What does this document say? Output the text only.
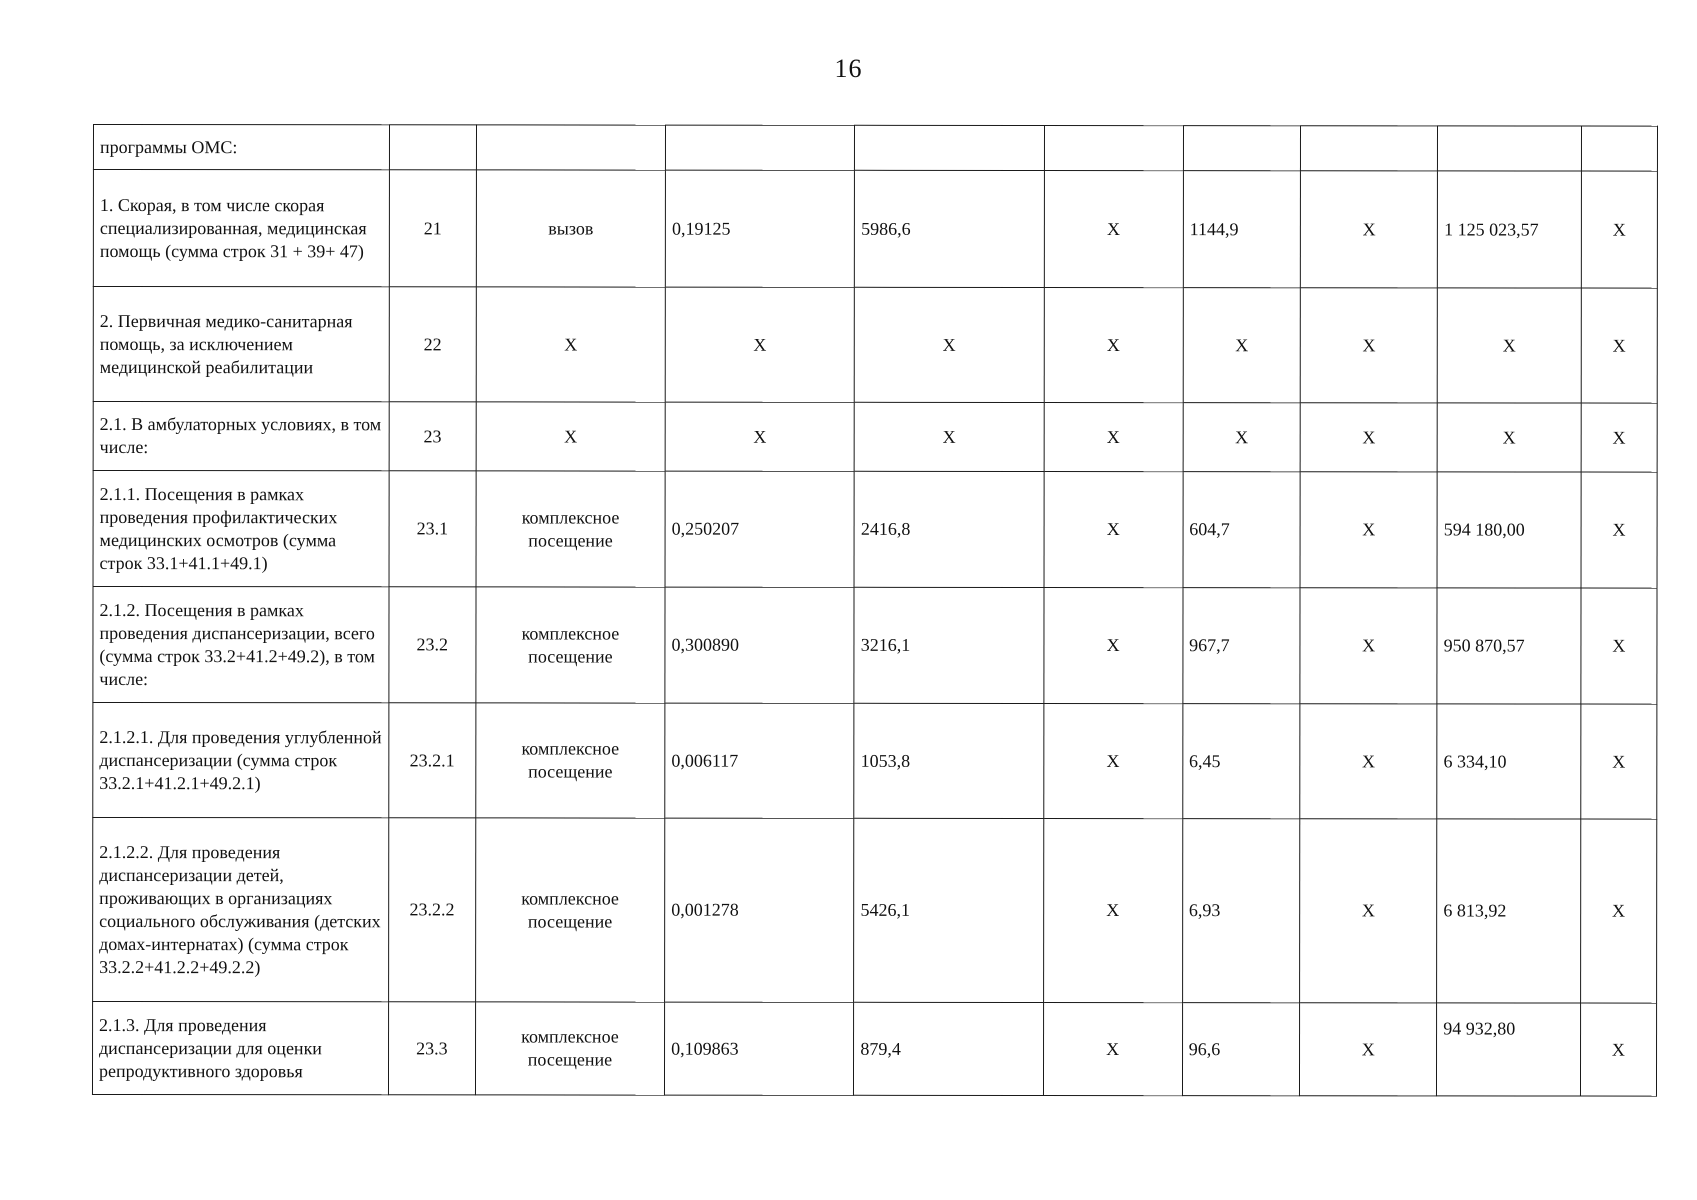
16
программы ОМС:									
1. Скорая, в том числе скорая специализированная, медицинская помощь (сумма строк 31 + 39+ 47)	21	вызов	0,19125	5986,6	X	1144,9	X	1 125 023,57	X
2. Первичная медико-санитарная помощь, за исключением медицинской реабилитации	22	X	X	X	X	X	X	X	X
2.1. В амбулаторных условиях, в том числе:	23	X	X	X	X	X	X	X	X
2.1.1. Посещения в рамках проведения профилактических медицинских осмотров (сумма строк 33.1+41.1+49.1)	23.1	комплексное посещение	0,250207	2416,8	X	604,7	X	594 180,00	X
2.1.2. Посещения в рамках проведения диспансеризации, всего (сумма строк 33.2+41.2+49.2), в том числе:	23.2	комплексное посещение	0,300890	3216,1	X	967,7	X	950 870,57	X
2.1.2.1. Для проведения углубленной диспансеризации (сумма строк 33.2.1+41.2.1+49.2.1)	23.2.1	комплексное посещение	0,006117	1053,8	X	6,45	X	6 334,10	X
2.1.2.2. Для проведения диспансеризации детей, проживающих в организациях социального обслуживания (детских домах-интернатах) (сумма строк 33.2.2+41.2.2+49.2.2)	23.2.2	комплексное посещение	0,001278	5426,1	X	6,93	X	6 813,92	X
2.1.3. Для проведения диспансеризации для оценки репродуктивного здоровья	23.3	комплексное посещение	0,109863	879,4	X	96,6	X	94 932,80	X
